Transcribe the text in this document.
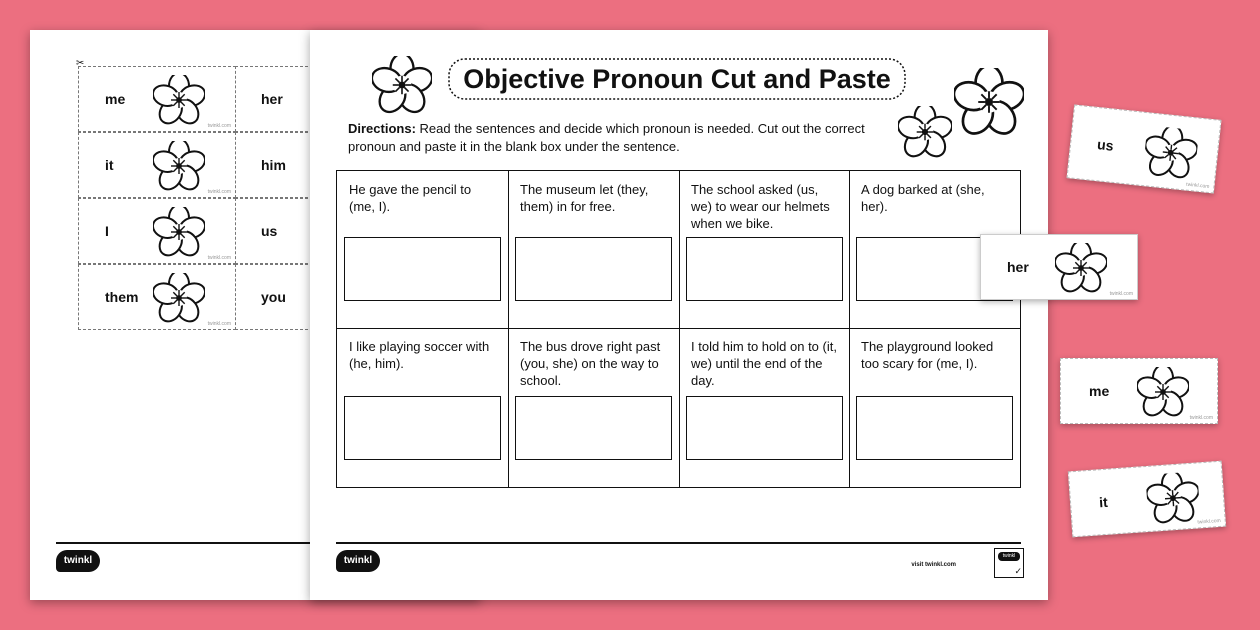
✂
me
twinkl.com
her
it
twinkl.com
him
I
twinkl.com
us
them
twinkl.com
you
twinkl
Objective Pronoun Cut and Paste
Directions: Read the sentences and decide which pronoun is needed. Cut out the correct pronoun and paste it in the blank box under the sentence.
He gave the pencil to (me, I).
The museum let (they, them) in for free.
The school asked (us, we) to wear our helmets when we bike.
A dog barked at (she, her).
I like playing soccer with (he, him).
The bus drove right past (you, she) on the way to school.
I told him to hold on to (it, we) until the end of the day.
The playground looked too scary for (me, I).
twinkl	visit twinkl.com
twinkl
✓
us
twinkl.com
her
twinkl.com
me
twinkl.com
it
twinkl.com
